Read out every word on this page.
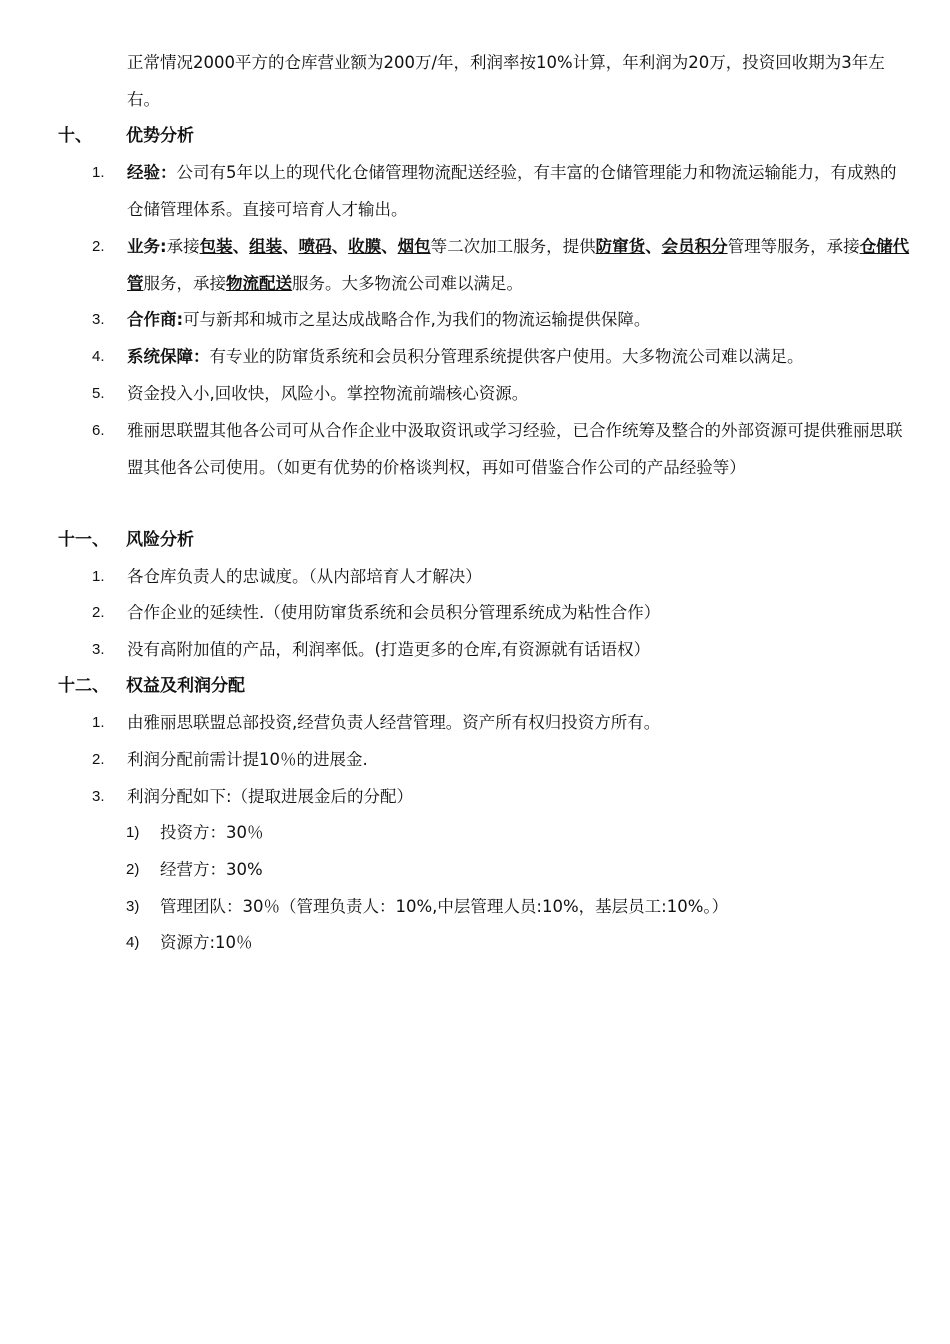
正常情况2000平方的仓库营业额为200万/年，利润率按10%计算，年利润为20万，投资回收期为3年左右。
十、 优势分析
1.	经验：公司有5年以上的现代化仓储管理物流配送经验，有丰富的仓储管理能力和物流运输能力，有成熟的仓储管理体系。直接可培育人才输出。
2.	业务:承接包装、组装、喷码、收膜、烟包等二次加工服务，提供防窜货、会员积分管理等服务，承接仓储代管服务，承接物流配送服务。大多物流公司难以满足。
3.	合作商:可与新邦和城市之星达成战略合作,为我们的物流运输提供保障。
4.	系统保障：有专业的防窜货系统和会员积分管理系统提供客户使用。大多物流公司难以满足。
5.	资金投入小,回收快，风险小。掌控物流前端核心资源。
6.	雅丽思联盟其他各公司可从合作企业中汲取资讯或学习经验，已合作统筹及整合的外部资源可提供雅丽思联盟其他各公司使用。（如更有优势的价格谈判权，再如可借鉴合作公司的产品经验等）
十一、 风险分析
1.	各仓库负责人的忠诚度。（从内部培育人才解决）
2.	合作企业的延续性.（使用防窜货系统和会员积分管理系统成为粘性合作）
3.	没有高附加值的产品，利润率低。(打造更多的仓库,有资源就有话语权）
十二、 权益及利润分配
1.	由雅丽思联盟总部投资,经营负责人经营管理。资产所有权归投资方所有。
2.	利润分配前需计提10％的进展金.
3.	利润分配如下:（提取进展金后的分配）
1)	投资方：30％
2)	经营方：30%
3)	管理团队：30％（管理负责人：10%,中层管理人员:10%，基层员工:10%。）
4)	资源方:10％
